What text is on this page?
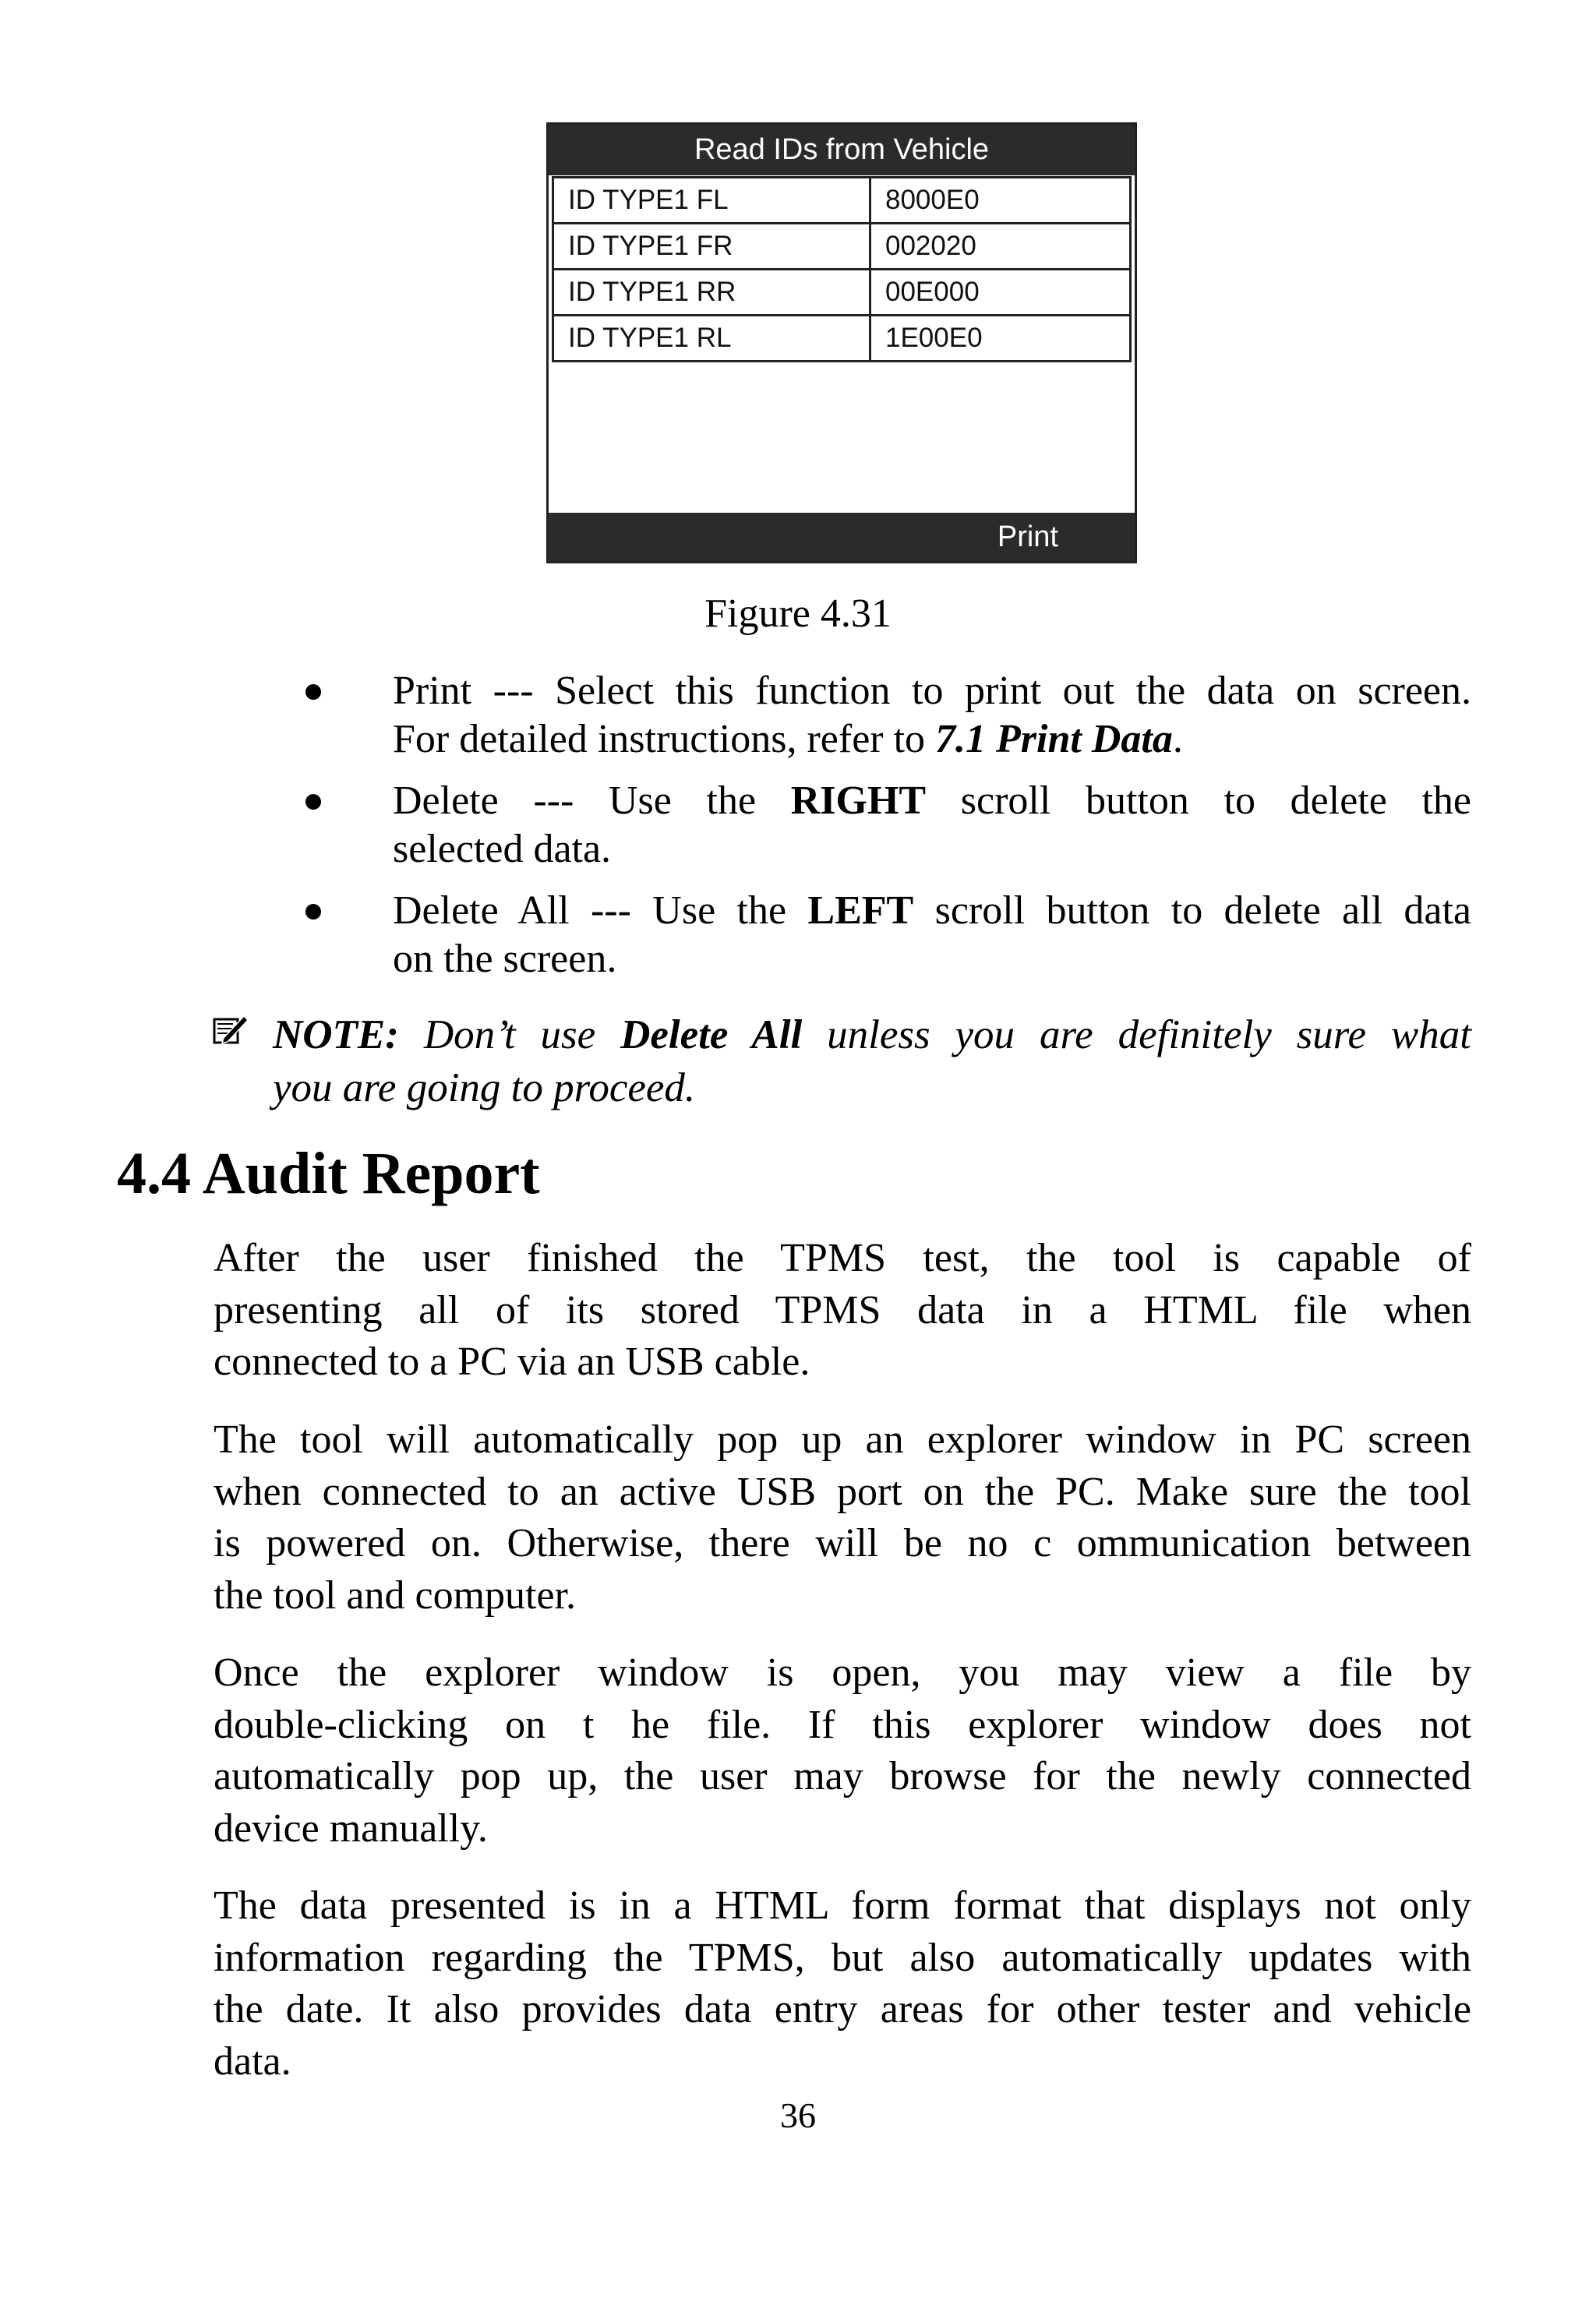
Read IDs from Vehicle
ID TYPE1 FL	8000E0
ID TYPE1 FR	002020
ID TYPE1 RR	00E000
ID TYPE1 RL	1E00E0
Print
Figure 4.31
Print --- Select this function to print out the data on screen.
For detailed instructions, refer to 7.1 Print Data.
Delete --- Use the RIGHT scroll button to delete the
selected data.
Delete All --- Use the LEFT scroll button to delete all data
on the screen.
NOTE: Don’t use Delete All unless you are definitely sure what
you are going to proceed.
4.4 Audit Report
After the user finished the TPMS test, the tool is capable of
presenting all of its stored TPMS data in a HTML file when
connected to a PC via an USB cable.
The tool will automatically pop up an explorer window in PC screen
when connected to an active USB port on the PC. Make sure the tool
is powered on. Otherwise, there will be no c ommunication between
the tool and computer.
Once the explorer window is open, you may view a file by
double-clicking on t he file. If this explorer window does not
automatically pop up, the user may browse for the newly connected
device manually.
The data presented is in a HTML form format that displays not only
information regarding the TPMS, but also automatically updates with
the date. It also provides data entry areas for other tester and vehicle
data.
36
